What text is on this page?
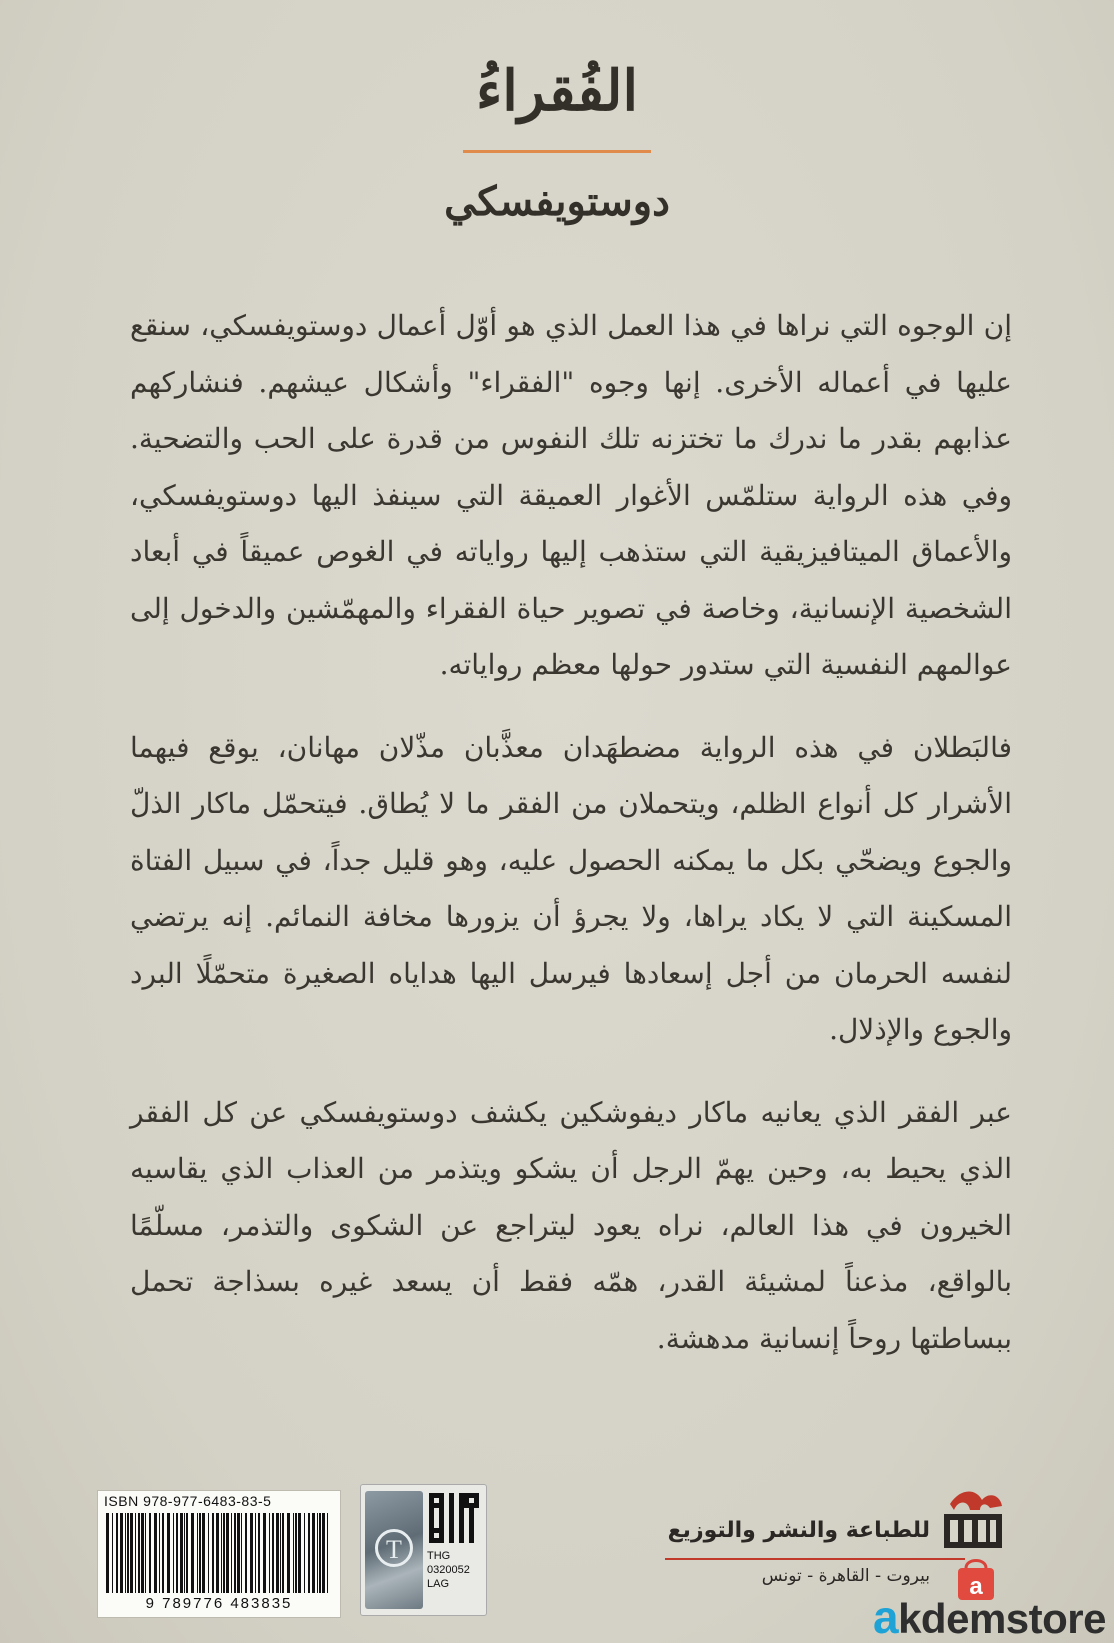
الفُقراءُ
دوستويفسكي

إن الوجوه التي نراها في هذا العمل الذي هو أوّل أعمال دوستويفسكي، سنقع عليها في أعماله الأخرى. إنها وجوه "الفقراء" وأشكال عيشهم. فنشاركهم عذابهم بقدر ما ندرك ما تختزنه تلك النفوس من قدرة على الحب والتضحية. وفي هذه الرواية ستلمّس الأغوار العميقة التي سينفذ اليها دوستويفسكي، والأعماق الميتافيزيقية التي ستذهب إليها رواياته في الغوص عميقاً في أبعاد الشخصية الإنسانية، وخاصة في تصوير حياة الفقراء والمهمّشين والدخول إلى عوالمهم النفسية التي ستدور حولها معظم رواياته.

فالبَطلان في هذه الرواية مضطهَدان معذَّبان مذّلان مهانان، يوقع فيهما الأشرار كل أنواع الظلم، ويتحملان من الفقر ما لا يُطاق. فيتحمّل ماكار الذلّ والجوع ويضحّي بكل ما يمكنه الحصول عليه، وهو قليل جداً، في سبيل الفتاة المسكينة التي لا يكاد يراها، ولا يجرؤ أن يزورها مخافة النمائم. إنه يرتضي لنفسه الحرمان من أجل إسعادها فيرسل اليها هداياه الصغيرة متحمّلًا البرد والجوع والإذلال.

عبر الفقر الذي يعانيه ماكار ديفوشكين يكشف دوستويفسكي عن كل الفقر الذي يحيط به، وحين يهمّ الرجل أن يشكو ويتذمر من العذاب الذي يقاسيه الخيرون في هذا العالم، نراه يعود ليتراجع عن الشكوى والتذمر، مسلّمًا بالواقع، مذعناً لمشيئة القدر، همّه فقط أن يسعد غيره بسذاجة تحمل ببساطتها روحاً إنسانية مدهشة.

ISBN 978-977-6483-83-5
9 789776 483835
T	THG
0320052
LAG
للطباعة والنشر والتوزيع
بيروت - القاهرة - تونس a
akdemstore
